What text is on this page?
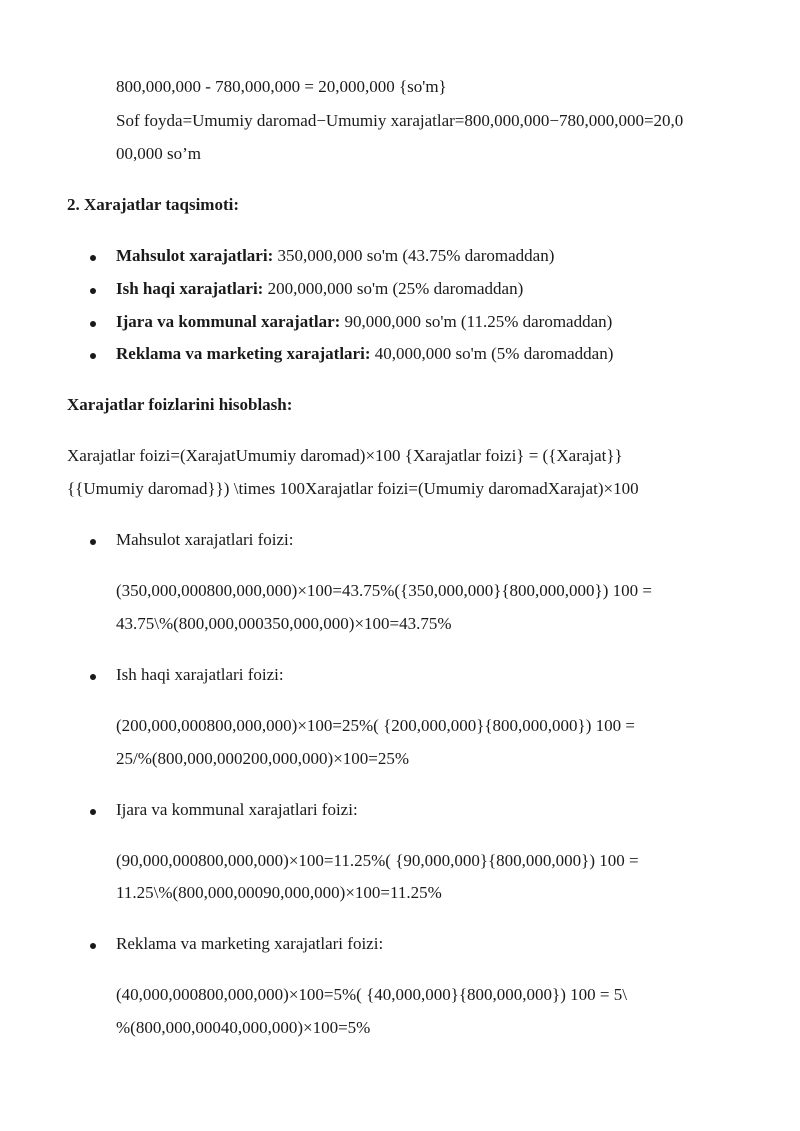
800,000,000 - 780,000,000 = 20,000,000 {so'm}
Sof foyda=Umumiy daromad−Umumiy xarajatlar=800,000,000−780,000,000=20,0
00,000 so’m
2. Xarajatlar taqsimoti:
Mahsulot xarajatlari: 350,000,000 so'm (43.75% daromaddan)
Ish haqi xarajatlari: 200,000,000 so'm (25% daromaddan)
Ijara va kommunal xarajatlar: 90,000,000 so'm (11.25% daromaddan)
Reklama va marketing xarajatlari: 40,000,000 so'm (5% daromaddan)
Xarajatlar foizlarini hisoblash:
Xarajatlar foizi=(XarajatUmumiy daromad)×100 {Xarajatlar foizi} = ({Xarajat}}
{{Umumiy daromad}}) \times 100Xarajatlar foizi=(Umumiy daromadXarajat)×100
Mahsulot xarajatlari foizi:
(350,000,000800,000,000)×100=43.75%({350,000,000}{800,000,000}) 100 =
43.75\%(800,000,000350,000,000)×100=43.75%
Ish haqi xarajatlari foizi:
(200,000,000800,000,000)×100=25%( {200,000,000}{800,000,000}) 100 =
25/%(800,000,000200,000,000)×100=25%
Ijara va kommunal xarajatlari foizi:
(90,000,000800,000,000)×100=11.25%( {90,000,000}{800,000,000}) 100 =
11.25\%(800,000,00090,000,000)×100=11.25%
Reklama va marketing xarajatlari foizi:
(40,000,000800,000,000)×100=5%( {40,000,000}{800,000,000}) 100 = 5\
%(800,000,00040,000,000)×100=5%
